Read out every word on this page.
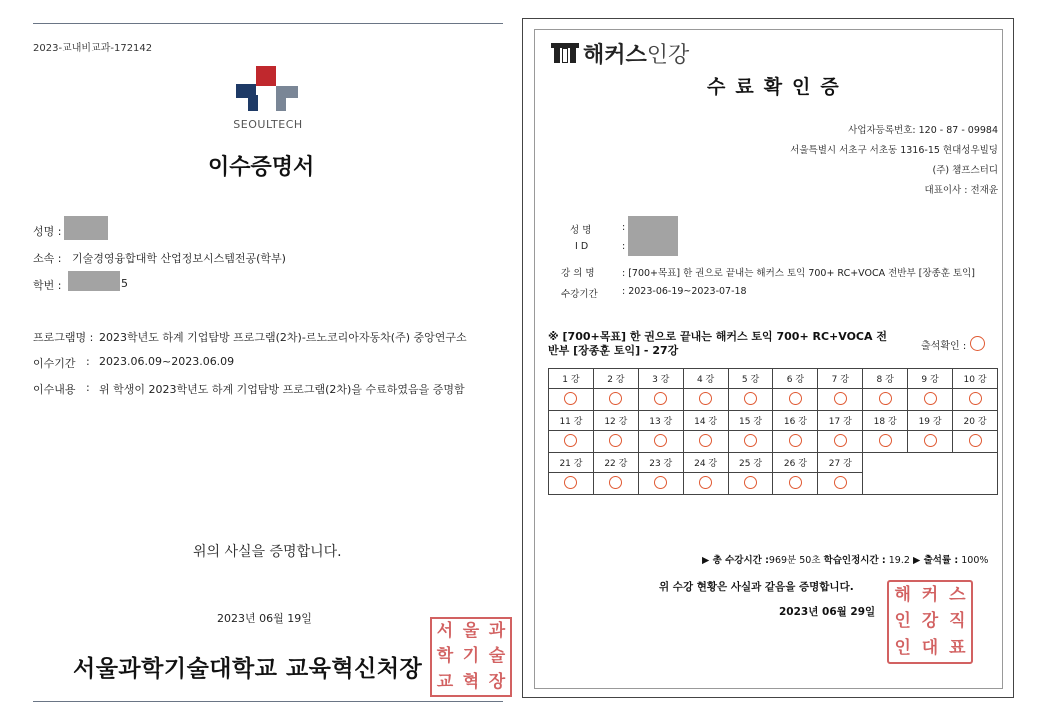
2023-교내비교과-172142
SEOULTECH
이수증명서
성명 :
소속 : 기술경영융합대학 산업정보시스템전공(학부)
학번 :	5
프로그램명 : 2023학년도 하계 기업탐방 프로그램(2차)-르노코리아자동차(주) 중앙연구소
이수기간 : 2023.06.09~2023.06.09
이수내용 : 위 학생이 2023학년도 하계 기업탐방 프로그램(2차)을 수료하였음을 증명함
위의 사실을 증명합니다.
2023년 06월 19일
서울과학기술대학교 교육혁신처장
서 울 과
학 기 술
교 혁 장
해커스인강
수료확인증
사업자등록번호: 120 - 87 - 09984
서울특별시 서초구 서초동 1316-15 현대성우빌딩
(주) 챔프스터디
대표이사 : 전재윤
성 명	:
I D	:
강 의 명	: [700+목표] 한 권으로 끝내는 해커스 토익 700+ RC+VOCA 전반부 [장종훈 토익]
수강기간	: 2023-06-19~2023-07-18
※ [700+목표] 한 권으로 끝내는 해커스 토익 700+ RC+VOCA 전
반부 [장종훈 토익] - 27강	출석확인 :
1 강	2 강	3 강	4 강	5 강	6 강	7 강	8 강	9 강	10 강

11 강	12 강	13 강	14 강	15 강	16 강	17 강	18 강	19 강	20 강

21 강	22 강	23 강	24 강	25 강	26 강	27 강			

▶ 총 수강시간 :969분 50초 학습인정시간 : 19.2 ▶ 출석률 : 100%
위 수강 현황은 사실과 같음을 증명합니다.
2023년 06월 29일
해 커 스
인 강 직
인 대 표
